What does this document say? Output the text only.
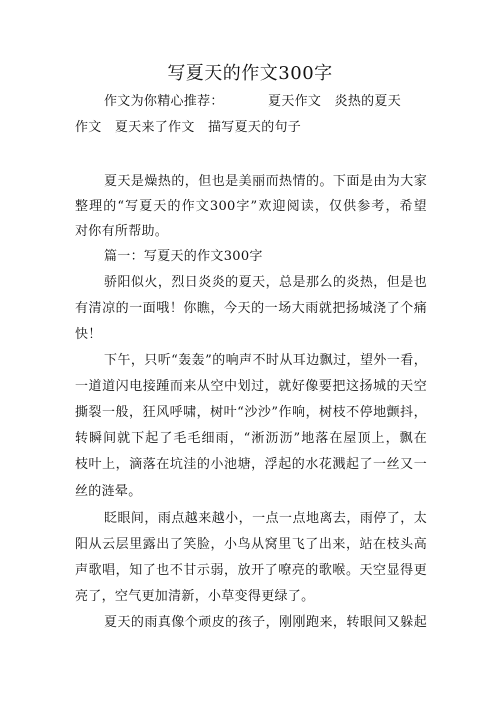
写夏天的作文300字
作文为你精心推荐：          夏天作文   炎热的夏天
作文   夏天来了作文   描写夏天的句子
夏天是燥热的，但也是美丽而热情的。下面是由为大家
整理的“写夏天的作文300字”欢迎阅读，仅供参考，希望
对你有所帮助。
篇一：写夏天的作文300字
骄阳似火，烈日炎炎的夏天，总是那么的炎热，但是也
有清凉的一面哦！你瞧，今天的一场大雨就把扬城浇了个痛
快！
下午，只听“轰轰”的响声不时从耳边飘过，望外一看，
一道道闪电接踵而来从空中划过，就好像要把这扬城的天空
撕裂一般，狂风呼啸，树叶“沙沙”作响，树枝不停地颤抖，
转瞬间就下起了毛毛细雨，“淅沥沥”地落在屋顶上，飘在
枝叶上，滴落在坑洼的小池塘，浮起的水花溅起了一丝又一
丝的涟晕。
眨眼间，雨点越来越小，一点一点地离去，雨停了，太
阳从云层里露出了笑脸，小鸟从窝里飞了出来，站在枝头高
声歌唱，知了也不甘示弱，放开了嘹亮的歌喉。天空显得更
亮了，空气更加清新，小草变得更绿了。
夏天的雨真像个顽皮的孩子，刚刚跑来，转眼间又躲起
